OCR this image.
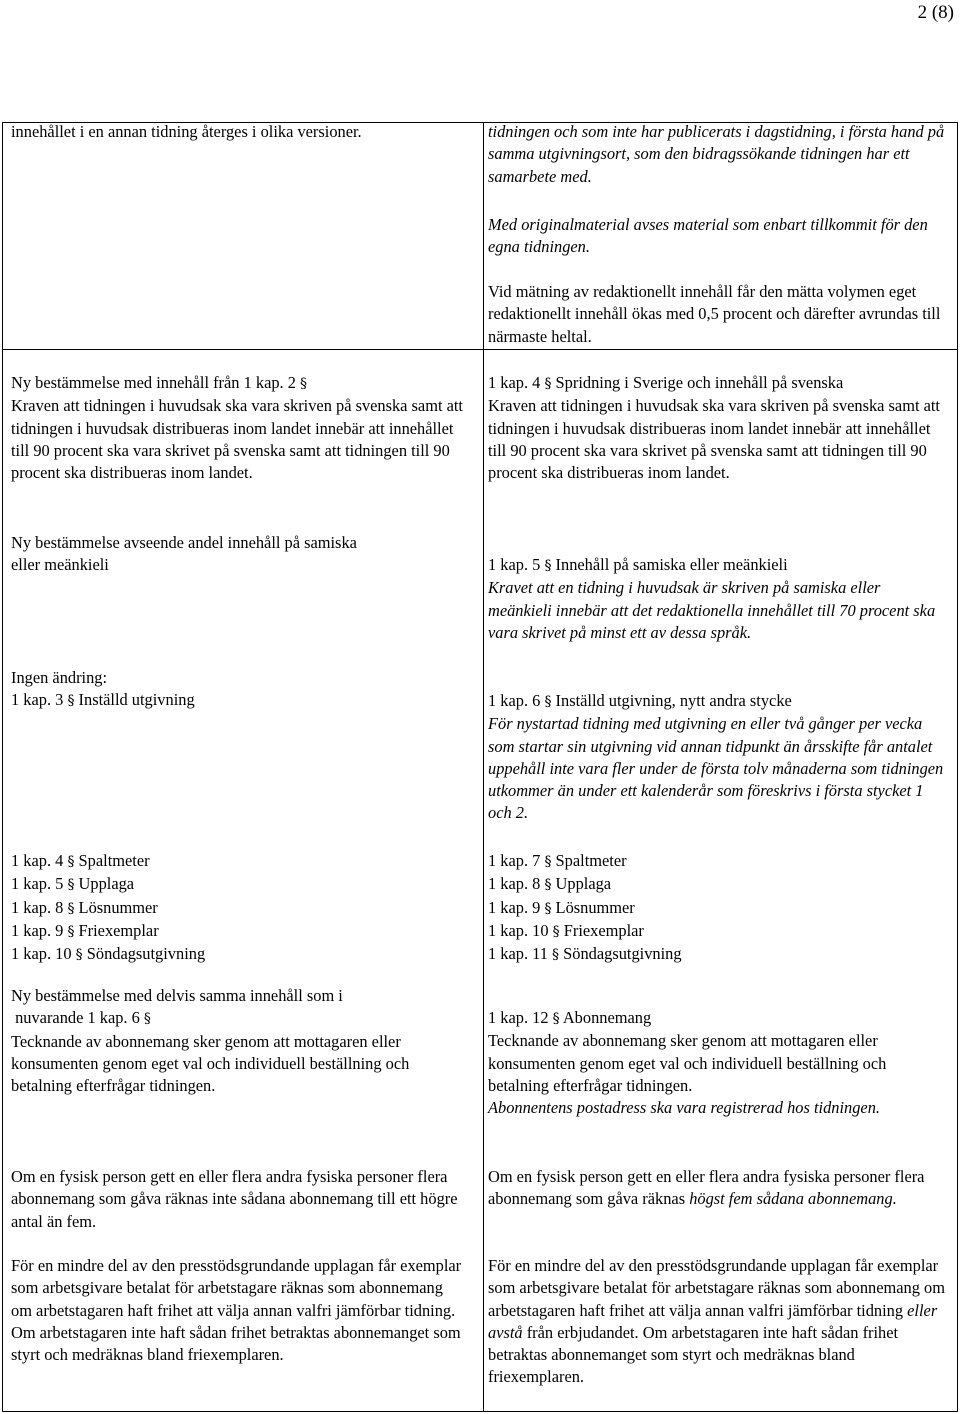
2 (8)

innehållet i en annan tidning återges i olika versioner.

Ny bestämmelse med innehåll från 1 kap. 2 §

Kraven att tidningen i huvudsak ska vara skriven på svenska samt att tidningen i huvudsak distribueras inom landet innebär att innehållet till 90 procent ska vara skrivet på svenska samt att tidningen till 90 procent ska distribueras inom landet.

Ny bestämmelse avseende andel innehåll på samiska

eller meänkieli

Ingen ändring:

1 kap. 3 § Inställd utgivning

1 kap. 4 § Spaltmeter

1 kap. 5 § Upplaga

1 kap. 8 § Lösnummer

1 kap. 9 § Friexemplar

1 kap. 10 § Söndagsutgivning

Ny bestämmelse med delvis samma innehåll som i

nuvarande 1 kap. 6 §

Tecknande av abonnemang sker genom att mottagaren eller konsumenten genom eget val och individuell beställning och betalning efterfrågar tidningen.

Om en fysisk person gett en eller flera andra fysiska personer flera abonnemang som gåva räknas inte sådana abonnemang till ett högre antal än fem.

För en mindre del av den presstödsgrundande upplagan får exemplar som arbetsgivare betalat för arbetstagare räknas som abonnemang om arbetstagaren haft frihet att välja annan valfri jämförbar tidning. Om arbetstagaren inte haft sådan frihet betraktas abonnemanget som styrt och medräknas bland friexemplaren.

tidningen och som inte har publicerats i dagstidning, i första hand på samma utgivningsort, som den bidragssökande tidningen har ett samarbete med.

Med originalmaterial avses material som enbart tillkommit för den egna tidningen.

Vid mätning av redaktionellt innehåll får den mätta volymen eget redaktionellt innehåll ökas med 0,5 procent och därefter avrundas till närmaste heltal.

1 kap. 4 § Spridning i Sverige och innehåll på svenska

Kraven att tidningen i huvudsak ska vara skriven på svenska samt att tidningen i huvudsak distribueras inom landet innebär att innehållet till 90 procent ska vara skrivet på svenska samt att tidningen till 90 procent ska distribueras inom landet.

1 kap. 5 § Innehåll på samiska eller meänkieli

Kravet att en tidning i huvudsak är skriven på samiska eller meänkieli innebär att det redaktionella innehållet till 70 procent ska vara skrivet på minst ett av dessa språk.

1 kap. 6 § Inställd utgivning, nytt andra stycke

För nystartad tidning med utgivning en eller två gånger per vecka som startar sin utgivning vid annan tidpunkt än årsskifte får antalet uppehåll inte vara fler under de första tolv månaderna som tidningen utkommer än under ett kalenderår som föreskrivs i första stycket 1 och 2.

1 kap. 7 § Spaltmeter

1 kap. 8 § Upplaga

1 kap. 9 § Lösnummer

1 kap. 10 § Friexemplar

1 kap. 11 § Söndagsutgivning

1 kap. 12 § Abonnemang

Tecknande av abonnemang sker genom att mottagaren eller konsumenten genom eget val och individuell beställning och betalning efterfrågar tidningen.

Abonnentens postadress ska vara registrerad hos tidningen.

Om en fysisk person gett en eller flera andra fysiska personer flera abonnemang som gåva räknas högst fem sådana abonnemang.

För en mindre del av den presstödsgrundande upplagan får exemplar som arbetsgivare betalat för arbetstagare räknas som abonnemang om arbetstagaren haft frihet att välja annan valfri jämförbar tidning eller avstå från erbjudandet. Om arbetstagaren inte haft sådan frihet betraktas abonnemanget som styrt och medräknas bland friexemplaren.
